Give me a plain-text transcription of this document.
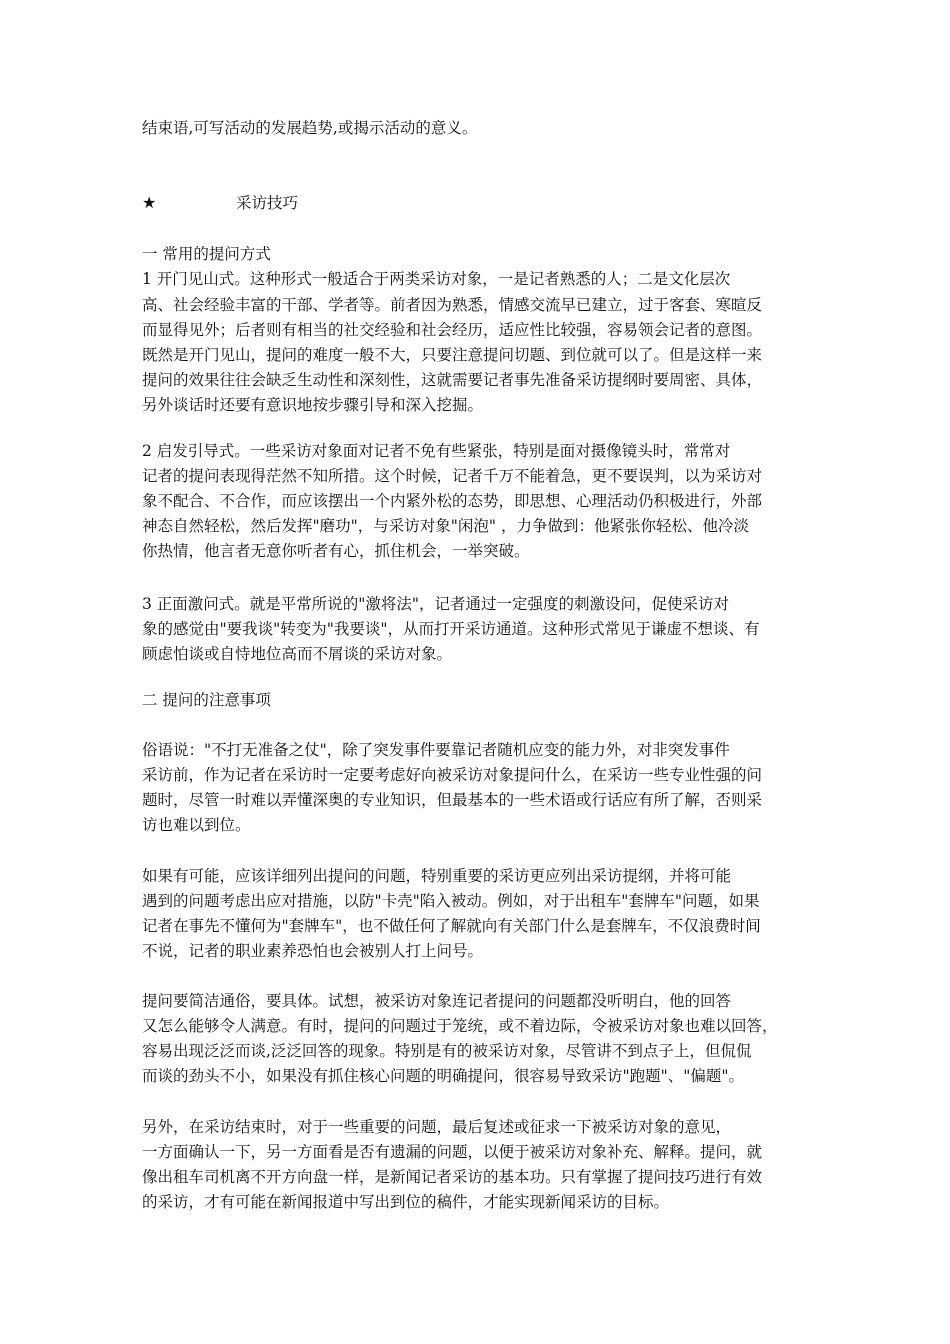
结束语,可写活动的发展趋势,或揭示活动的意义。
★	采访技巧
一 常用的提问方式
1 开门见山式。这种形式一般适合于两类采访对象，一是记者熟悉的人；二是文化层次
高、社会经验丰富的干部、学者等。前者因为熟悉，情感交流早已建立，过于客套、寒暄反
而显得见外；后者则有相当的社交经验和社会经历，适应性比较强，容易领会记者的意图。
既然是开门见山，提问的难度一般不大，只要注意提问切题、到位就可以了。但是这样一来
提问的效果往往会缺乏生动性和深刻性，这就需要记者事先准备采访提纲时要周密、具体，
另外谈话时还要有意识地按步骤引导和深入挖掘。
2 启发引导式。一些采访对象面对记者不免有些紧张，特别是面对摄像镜头时，常常对
记者的提问表现得茫然不知所措。这个时候，记者千万不能着急，更不要误判，以为采访对
象不配合、不合作，而应该摆出一个内紧外松的态势，即思想、心理活动仍积极进行，外部
神态自然轻松，然后发挥"磨功"，与采访对象"闲泡" ，力争做到：他紧张你轻松、他冷淡
你热情，他言者无意你听者有心，抓住机会，一举突破。
3 正面激问式。就是平常所说的"激将法"，记者通过一定强度的刺激设问，促使采访对
象的感觉由"要我谈"转变为"我要谈"，从而打开采访通道。这种形式常见于谦虚不想谈、有
顾虑怕谈或自恃地位高而不屑谈的采访对象。
二 提问的注意事项
俗语说："不打无准备之仗"，除了突发事件要靠记者随机应变的能力外，对非突发事件
采访前，作为记者在采访时一定要考虑好向被采访对象提问什么，在采访一些专业性强的问
题时，尽管一时难以弄懂深奥的专业知识，但最基本的一些术语或行话应有所了解，否则采
访也难以到位。
如果有可能，应该详细列出提问的问题，特别重要的采访更应列出采访提纲，并将可能
遇到的问题考虑出应对措施，以防"卡壳"陷入被动。例如，对于出租车"套牌车"问题，如果
记者在事先不懂何为"套牌车"，也不做任何了解就向有关部门什么是套牌车，不仅浪费时间
不说，记者的职业素养恐怕也会被别人打上问号。
提问要简洁通俗，要具体。试想，被采访对象连记者提问的问题都没听明白，他的回答
又怎么能够令人满意。有时，提问的问题过于笼统，或不着边际，令被采访对象也难以回答，
容易出现泛泛而谈,泛泛回答的现象。特别是有的被采访对象，尽管讲不到点子上，但侃侃
而谈的劲头不小，如果没有抓住核心问题的明确提问，很容易导致采访"跑题"、"偏题"。
另外，在采访结束时，对于一些重要的问题，最后复述或征求一下被采访对象的意见，
一方面确认一下，另一方面看是否有遗漏的问题，以便于被采访对象补充、解释。提问，就
像出租车司机离不开方向盘一样，是新闻记者采访的基本功。只有掌握了提问技巧进行有效
的采访，才有可能在新闻报道中写出到位的稿件，才能实现新闻采访的目标。
